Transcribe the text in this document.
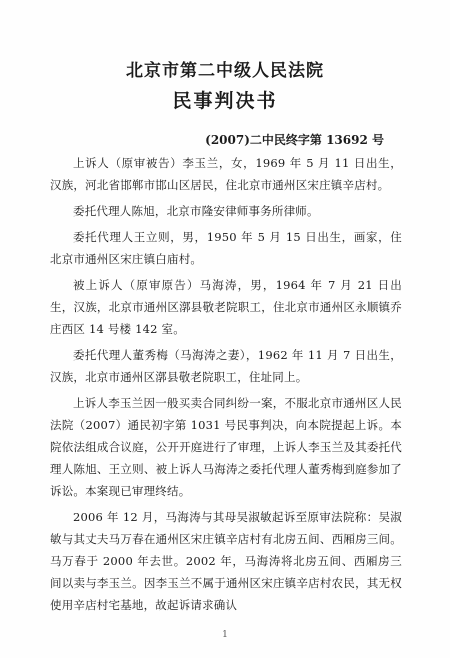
北京市第二中级人民法院
民事判决书
(2007)二中民终字第 13692 号

上诉人（原审被告）李玉兰，女，1969 年 5 月 11 日出生，汉族，河北省邯郸市邯山区居民，住北京市通州区宋庄镇辛店村。

委托代理人陈旭，北京市隆安律师事务所律师。

委托代理人王立则，男，1950 年 5 月 15 日出生，画家，住北京市通州区宋庄镇白庙村。

被上诉人（原审原告）马海涛，男，1964 年 7 月 21 日出生，汉族，北京市通州区漷县敬老院职工，住北京市通州区永顺镇乔庄西区 14 号楼 142 室。

委托代理人董秀梅（马海涛之妻），1962 年 11 月 7 日出生，汉族，北京市通州区漷县敬老院职工，住址同上。

上诉人李玉兰因一般买卖合同纠纷一案，不服北京市通州区人民法院（2007）通民初字第 1031 号民事判决，向本院提起上诉。本院依法组成合议庭，公开开庭进行了审理，上诉人李玉兰及其委托代理人陈旭、王立则、被上诉人马海涛之委托代理人董秀梅到庭参加了诉讼。本案现已审理终结。

2006 年 12 月，马海涛与其母吴淑敏起诉至原审法院称：吴淑敏与其丈夫马万春在通州区宋庄镇辛店村有北房五间、西厢房三间。马万春于 2000 年去世。2002 年，马海涛将北房五间、西厢房三间以卖与李玉兰。因李玉兰不属于通州区宋庄镇辛店村农民，其无权使用辛店村宅基地，故起诉请求确认

1
